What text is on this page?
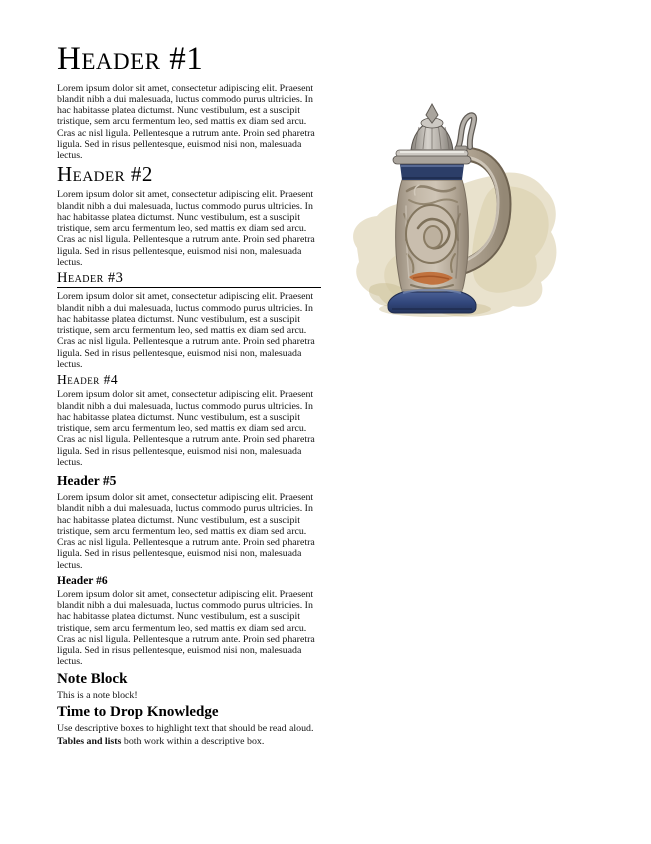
Header #1

Lorem ipsum dolor sit amet, consectetur adipiscing elit. Praesent blandit nibh a dui malesuada, luctus commodo purus ultricies. In hac habitasse platea dictumst. Nunc vestibulum, est a suscipit tristique, sem arcu fermentum leo, sed mattis ex diam sed arcu. Cras ac nisl ligula. Pellentesque a rutrum ante. Proin sed pharetra ligula. Sed in risus pellentesque, euismod nisi non, malesuada lectus.

Header #2

Lorem ipsum dolor sit amet, consectetur adipiscing elit. Praesent blandit nibh a dui malesuada, luctus commodo purus ultricies. In hac habitasse platea dictumst. Nunc vestibulum, est a suscipit tristique, sem arcu fermentum leo, sed mattis ex diam sed arcu. Cras ac nisl ligula. Pellentesque a rutrum ante. Proin sed pharetra ligula. Sed in risus pellentesque, euismod nisi non, malesuada lectus.

Header #3

Lorem ipsum dolor sit amet, consectetur adipiscing elit. Praesent blandit nibh a dui malesuada, luctus commodo purus ultricies. In hac habitasse platea dictumst. Nunc vestibulum, est a suscipit tristique, sem arcu fermentum leo, sed mattis ex diam sed arcu. Cras ac nisl ligula. Pellentesque a rutrum ante. Proin sed pharetra ligula. Sed in risus pellentesque, euismod nisi non, malesuada lectus.

Header #4

Lorem ipsum dolor sit amet, consectetur adipiscing elit. Praesent blandit nibh a dui malesuada, luctus commodo purus ultricies. In hac habitasse platea dictumst. Nunc vestibulum, est a suscipit tristique, sem arcu fermentum leo, sed mattis ex diam sed arcu. Cras ac nisl ligula. Pellentesque a rutrum ante. Proin sed pharetra ligula. Sed in risus pellentesque, euismod nisi non, malesuada lectus.

Header #5

Lorem ipsum dolor sit amet, consectetur adipiscing elit. Praesent blandit nibh a dui malesuada, luctus commodo purus ultricies. In hac habitasse platea dictumst. Nunc vestibulum, est a suscipit tristique, sem arcu fermentum leo, sed mattis ex diam sed arcu. Cras ac nisl ligula. Pellentesque a rutrum ante. Proin sed pharetra ligula. Sed in risus pellentesque, euismod nisi non, malesuada lectus.

Header #6

Lorem ipsum dolor sit amet, consectetur adipiscing elit. Praesent blandit nibh a dui malesuada, luctus commodo purus ultricies. In hac habitasse platea dictumst. Nunc vestibulum, est a suscipit tristique, sem arcu fermentum leo, sed mattis ex diam sed arcu. Cras ac nisl ligula. Pellentesque a rutrum ante. Proin sed pharetra ligula. Sed in risus pellentesque, euismod nisi non, malesuada lectus.

Note Block

This is a note block!

Time to Drop Knowledge

Use descriptive boxes to highlight text that should be read aloud.

Tables and lists both work within a descriptive box.
